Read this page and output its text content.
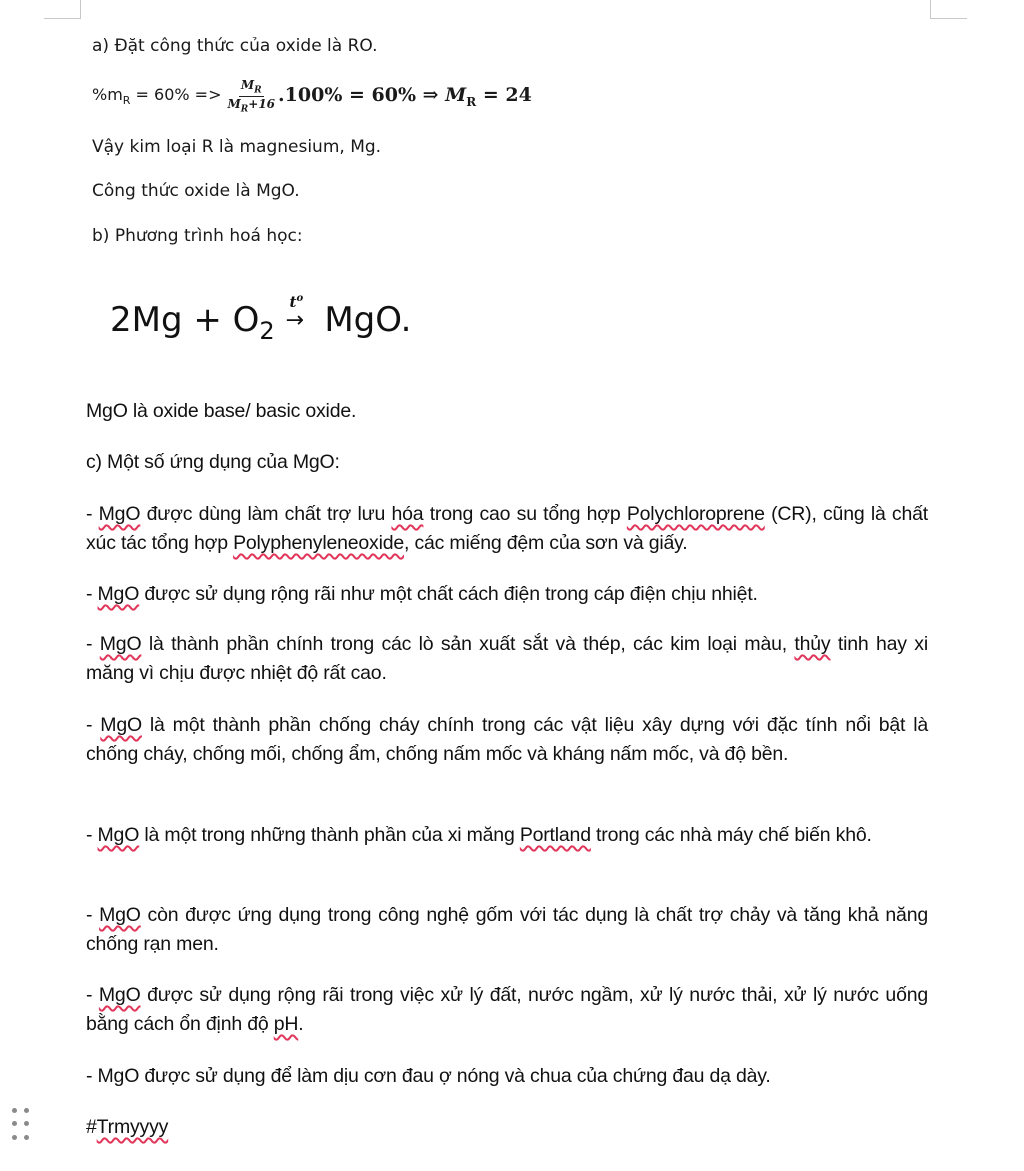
a) Đặt công thức của oxide là RO.
$\%m_R = 60\% => \frac{M_R}{M_R+16} .100\% = 60\%$ ⇒ $M_R = 24$
Vậy kim loại R là magnesium, Mg.
Công thức oxide là MgO.
b) Phương trình hoá học:
$2Mg + O_2$
$t^o$
→ MgO.
MgO là oxide base/ basic oxide.
c) Một số ứng dụng của MgO:
- MgO được dùng làm chất trợ lưu hóa trong cao su tổng hợp Polychloroprene (CR), cũng là chất xúc tác tổng hợp Polyphenyleneoxide, các miếng đệm của sơn và giấy.
- MgO được sử dụng rộng rãi như một chất cách điện trong cáp điện chịu nhiệt.
- MgO là thành phần chính trong các lò sản xuất sắt và thép, các kim loại màu, thủy tinh hay xi măng vì chịu được nhiệt độ rất cao.
- MgO là một thành phần chống cháy chính trong các vật liệu xây dựng với đặc tính nổi bật là chống cháy, chống mối, chống ẩm, chống nấm mốc và kháng nấm mốc, và độ bền.
- MgO là một trong những thành phần của xi măng Portland trong các nhà máy chế biến khô.
- MgO còn được ứng dụng trong công nghệ gốm với tác dụng là chất trợ chảy và tăng khả năng chống rạn men.
- MgO được sử dụng rộng rãi trong việc xử lý đất, nước ngầm, xử lý nước thải, xử lý nước uống bằng cách ổn định độ pH.
- MgO được sử dụng để làm dịu cơn đau ợ nóng và chua của chứng đau dạ dày.
#Trmyyyy
